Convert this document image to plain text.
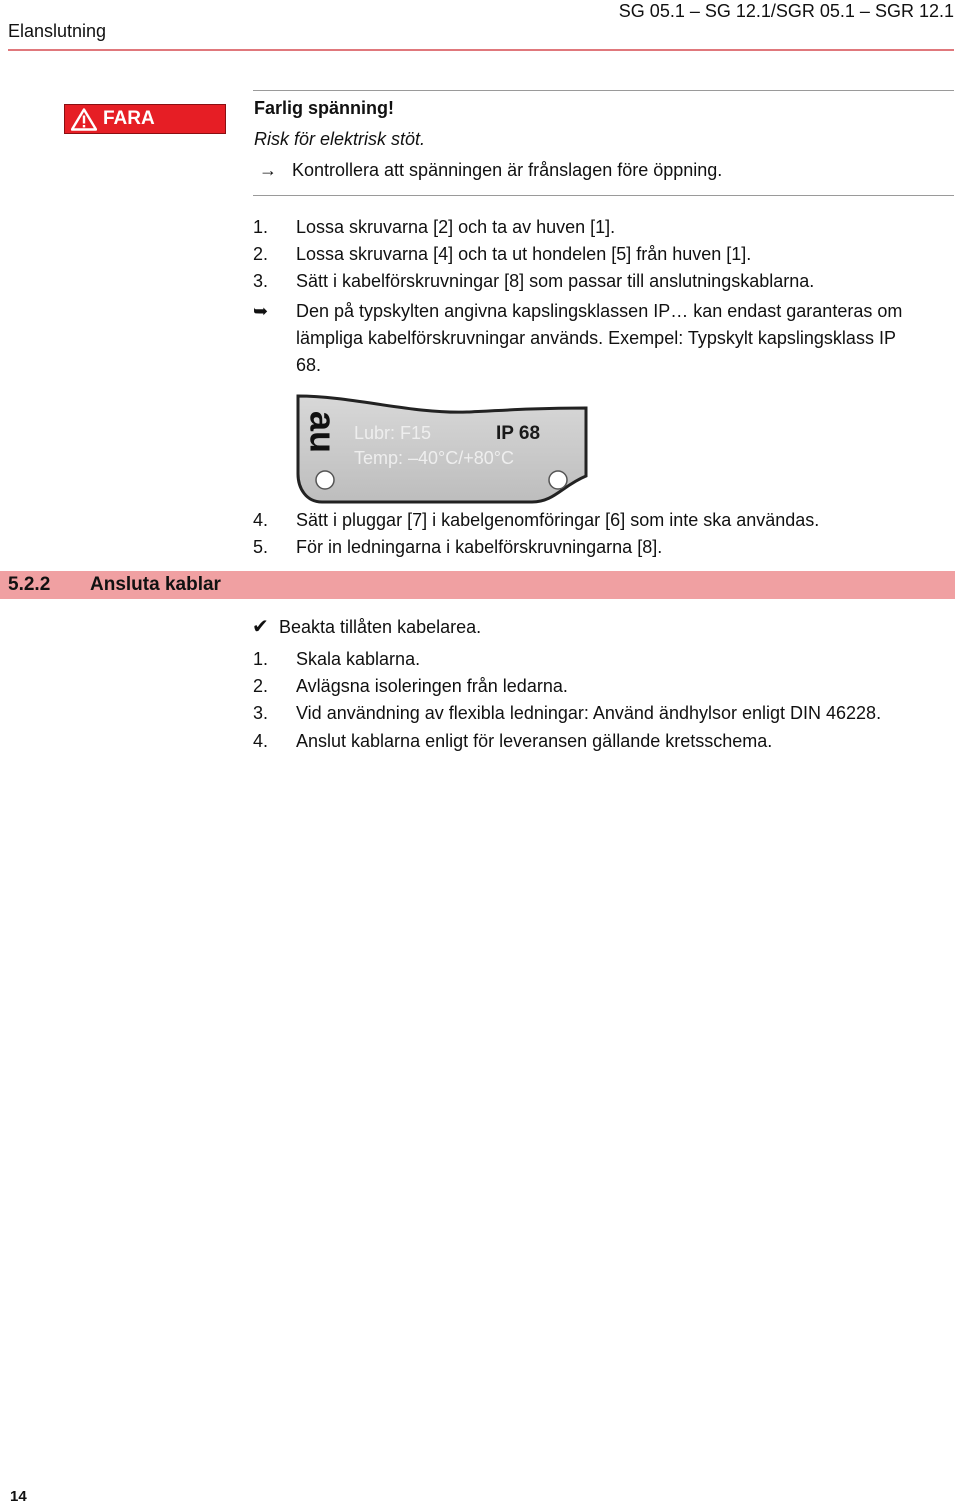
Elanslutning
SG 05.1 – SG 12.1/SGR 05.1 – SGR 12.1
FARA	Farlig spänning!
Risk för elektrisk stöt.
→ Kontrollera att spänningen är frånslagen före öppning.
1. Lossa skruvarna [2] och ta av huven [1].
2. Lossa skruvarna [4] och ta ut hondelen [5] från huven [1].
3. Sätt i kabelförskruvningar [8] som passar till anslutningskablarna.
➥ Den på typskylten angivna kapslingsklassen IP… kan endast garanteras om
lämpliga kabelförskruvningar används. Exempel: Typskylt kapslingsklass IP
68.
au Lubr: F15	IP 68
Temp: –40°C/+80°C
4. Sätt i pluggar [7] i kabelgenomföringar [6] som inte ska användas.
5. För in ledningarna i kabelförskruvningarna [8].
5.2.2 Ansluta kablar
✔ Beakta tillåten kabelarea.
1. Skala kablarna.
2. Avlägsna isoleringen från ledarna.
3. Vid användning av flexibla ledningar: Använd ändhylsor enligt DIN 46228.
4. Anslut kablarna enligt för leveransen gällande kretsschema.
14
